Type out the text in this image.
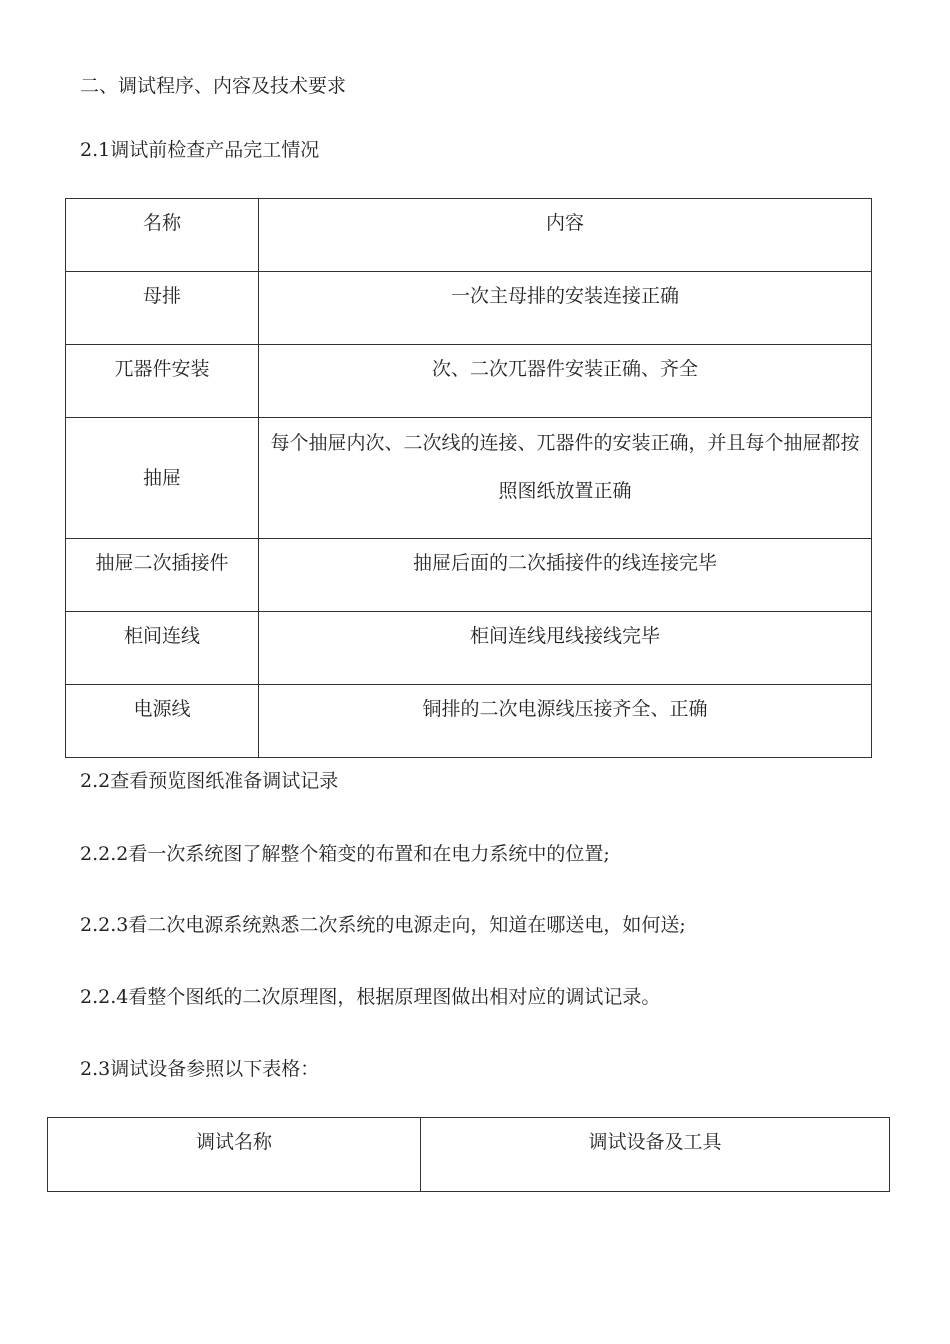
二、调试程序、内容及技术要求
2.1调试前检查产品完工情况
名称	内容

母排	一次主母排的安装连接正确

兀器件安装	次、二次兀器件安装正确、齐全

抽屉	每个抽屉内次、二次线的连接、兀器件的安装正确，并且每个抽屉都按照图纸放置正确

抽屉二次插接件	抽屉后面的二次插接件的线连接完毕

柜间连线	柜间连线甩线接线完毕

电源线	铜排的二次电源线压接齐全、正确
2.2查看预览图纸准备调试记录
2.2.2看一次系统图了解整个箱变的布置和在电力系统中的位置;
2.2.3看二次电源系统熟悉二次系统的电源走向，知道在哪送电，如何送;
2.2.4看整个图纸的二次原理图，根据原理图做出相对应的调试记录。
2.3调试设备参照以下表格：
调试名称	调试设备及工具
